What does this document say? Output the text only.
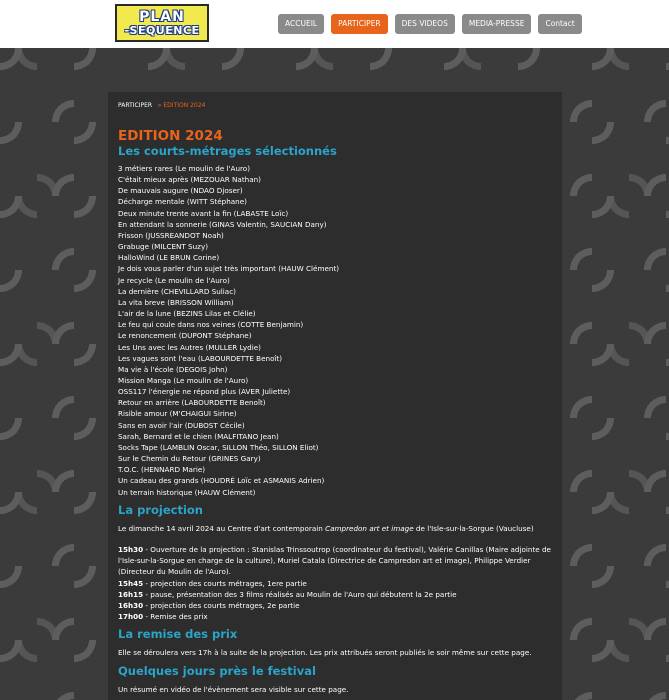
PLAN
-SEQUENCE
ACCUEIL	PARTICIPER	DES VIDEOS	MEDIA-PRESSE	Contact
PARTICIPER » EDITION 2024
EDITION 2024
Les courts-métrages sélectionnés
3 métiers rares (Le moulin de l'Auro)
C'était mieux après (MEZOUAR Nathan)
De mauvais augure (NDAO Djoser)
Décharge mentale (WITT Stéphane)
Deux minute trente avant la fin (LABASTE Loïc)
En attendant la sonnerie (GINAS Valentin, SAUCIAN Dany)
Frisson (JUSSREANDOT Noah)
Grabuge (MILCENT Suzy)
HalloWind (LE BRUN Corine)
Je dois vous parler d'un sujet très important (HAUW Clément)
Je recycle (Le moulin de l'Auro)
La dernière (CHEVILLARD Suliac)
La vita breve (BRISSON William)
L'air de la lune (BEZINS Lilas et Clélie)
Le feu qui coule dans nos veines (COTTE Benjamin)
Le renoncement (DUPONT Stéphane)
Les Uns avec les Autres (MULLER Lydie)
Les vagues sont l'eau (LABOURDETTE Benoît)
Ma vie à l'école (DEGOIS John)
Mission Manga (Le moulin de l'Auro)
OSS117 l'énergie ne répond plus (AVER Juliette)
Retour en arrière (LABOURDETTE Benoît)
Risible amour (M'CHAIGUI Sirine)
Sans en avoir l'air (DUBOST Cécile)
Sarah, Bernard et le chien (MALFITANO Jean)
Socks Tape (LAMBLIN Oscar, SILLON Théo, SILLON Eliot)
Sur le Chemin du Retour (GRINES Gary)
T.O.C. (HENNARD Marie)
Un cadeau des grands (HOUDRÉ Loïc et ASMANIS Adrien)
Un terrain historique (HAUW Clément)
La projection

Le dimanche 14 avril 2024 au Centre d'art contemporain Campredon art et image de l'Isle-sur-la-Sorgue (Vaucluse)

15h30 - Ouverture de la projection : Stanislas Trinssoutrop (coordinateur du festival), Valérie Canillas (Maire adjointe de l'Isle-sur-la-Sorgue en charge de la culture), Muriel Catala (Directrice de Campredon art et image), Philippe Verdier (Directeur du Moulin de l'Auro).

15h45 - projection des courts métrages, 1ere partie

16h15 - pause, présentation des 3 films réalisés au Moulin de l'Auro qui débutent la 2e partie

16h30 - projection des courts métrages, 2e partie

17h00 - Remise des prix

La remise des prix

Elle se déroulera vers 17h à la suite de la projection. Les prix attribués seront publiés le soir même sur cette page.

Quelques jours près le festival

Un résumé en vidéo de l'évènement sera visible sur cette page.
